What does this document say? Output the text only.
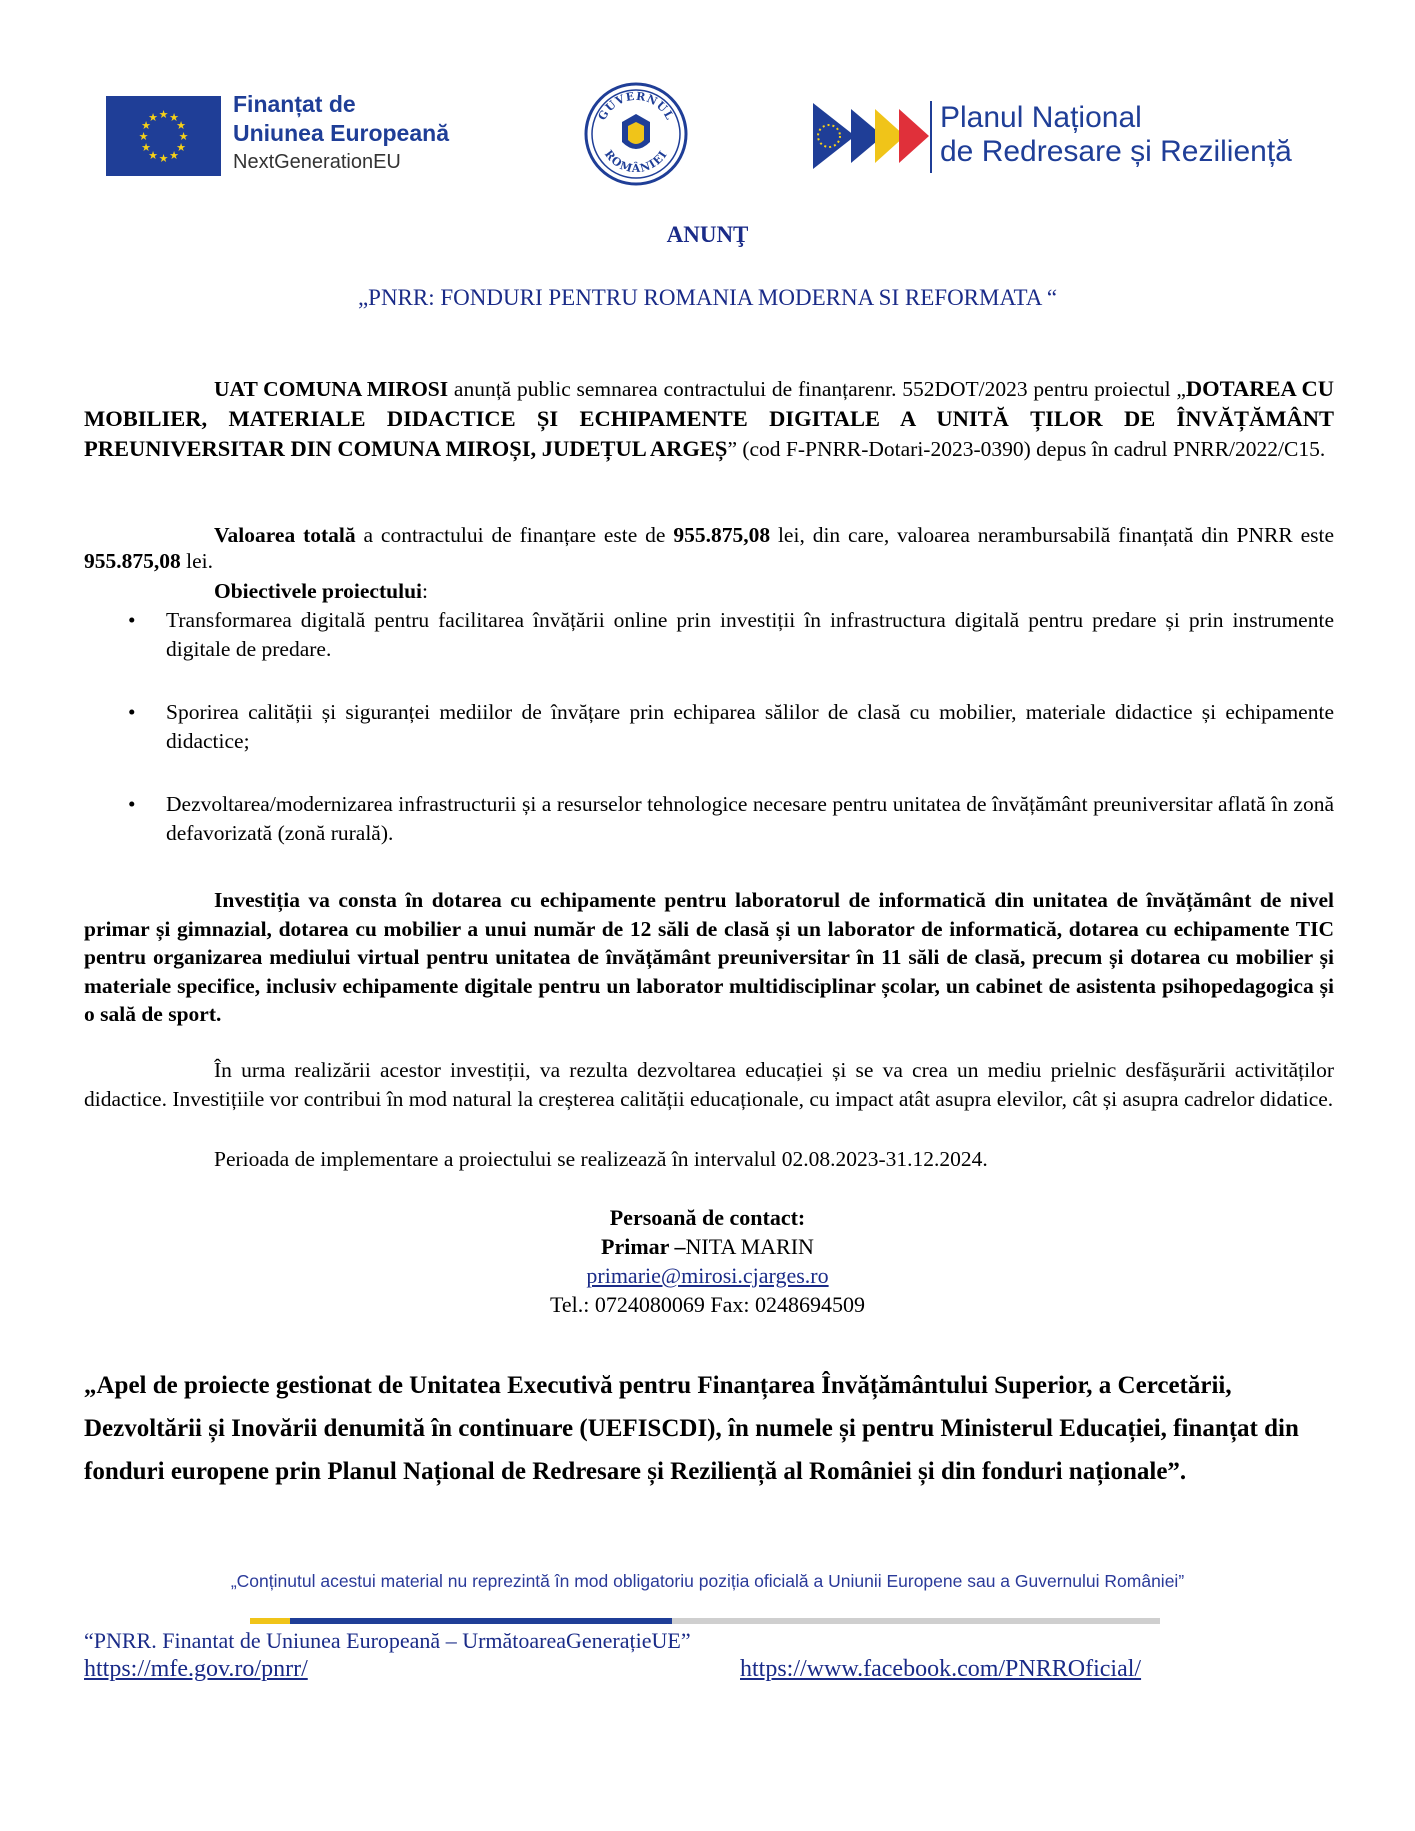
★ ★
★
★
★
★
★
★
★
★
★
★
Finanțat de
Uniunea Europeană
NextGenerationEU
GUVERNUL
ROMÂNIEI
Planul Național
de Redresare și Reziliență
ANUNŢ
„PNRR: FONDURI PENTRU ROMANIA MODERNA SI REFORMATA “
UAT COMUNA MIROSI anunță public semnarea contractului de finanțarenr. 552DOT/2023 pentru proiectul „DOTAREA CU MOBILIER, MATERIALE DIDACTICE ȘI ECHIPAMENTE DIGITALE A UNITĂ ȚILOR DE ÎNVĂȚĂMÂNT PREUNIVERSITAR DIN COMUNA MIROȘI, JUDEȚUL ARGEȘ” (cod F-PNRR-Dotari-2023-0390) depus în cadrul PNRR/2022/C15.
Valoarea totală a contractului de finanțare este de 955.875,08 lei, din care, valoarea nerambursabilă finanțată din PNRR este 955.875,08 lei.
Obiectivele proiectului:
• Transformarea digitală pentru facilitarea învățării online prin investiții în infrastructura digitală pentru predare și prin instrumente digitale de predare.
• Sporirea calității și siguranței mediilor de învățare prin echiparea sălilor de clasă cu mobilier, materiale didactice și echipamente didactice;
• Dezvoltarea/modernizarea infrastructurii și a resurselor tehnologice necesare pentru unitatea de învățământ preuniversitar aflată în zonă defavorizată (zonă rurală).
Investiția va consta în dotarea cu echipamente pentru laboratorul de informatică din unitatea de învățământ de nivel primar și gimnazial, dotarea cu mobilier a unui număr de 12 săli de clasă și un laborator de informatică, dotarea cu echipamente TIC pentru organizarea mediului virtual pentru unitatea de învățământ preuniversitar în 11 săli de clasă, precum și dotarea cu mobilier și materiale specifice, inclusiv echipamente digitale pentru un laborator multidisciplinar școlar, un cabinet de asistenta psihopedagogica și o sală de sport.
În urma realizării acestor investiții, va rezulta dezvoltarea educației și se va crea un mediu prielnic desfășurării activităților didactice. Investițiile vor contribui în mod natural la creșterea calității educaționale, cu impact atât asupra elevilor, cât și asupra cadrelor didatice.
Perioada de implementare a proiectului se realizează în intervalul 02.08.2023-31.12.2024.
Persoană de contact:
Primar –NITA MARIN
primarie@mirosi.cjarges.ro
Tel.: 0724080069 Fax: 0248694509
„Apel de proiecte gestionat de Unitatea Executivă pentru Finanțarea Învățământului Superior, a Cercetării, Dezvoltării și Inovării denumită în continuare (UEFISCDI), în numele și pentru Ministerul Educației, finanțat din fonduri europene prin Planul Național de Redresare și Reziliență al României și din fonduri naționale”.
„Conținutul acestui material nu reprezintă în mod obligatoriu poziția oficială a Uniunii Europene sau a Guvernului României”
“PNRR. Finantat de Uniunea Europeană – UrmătoareaGenerațieUE”
https://mfe.gov.ro/pnrr/	https://www.facebook.com/PNRROficial/
